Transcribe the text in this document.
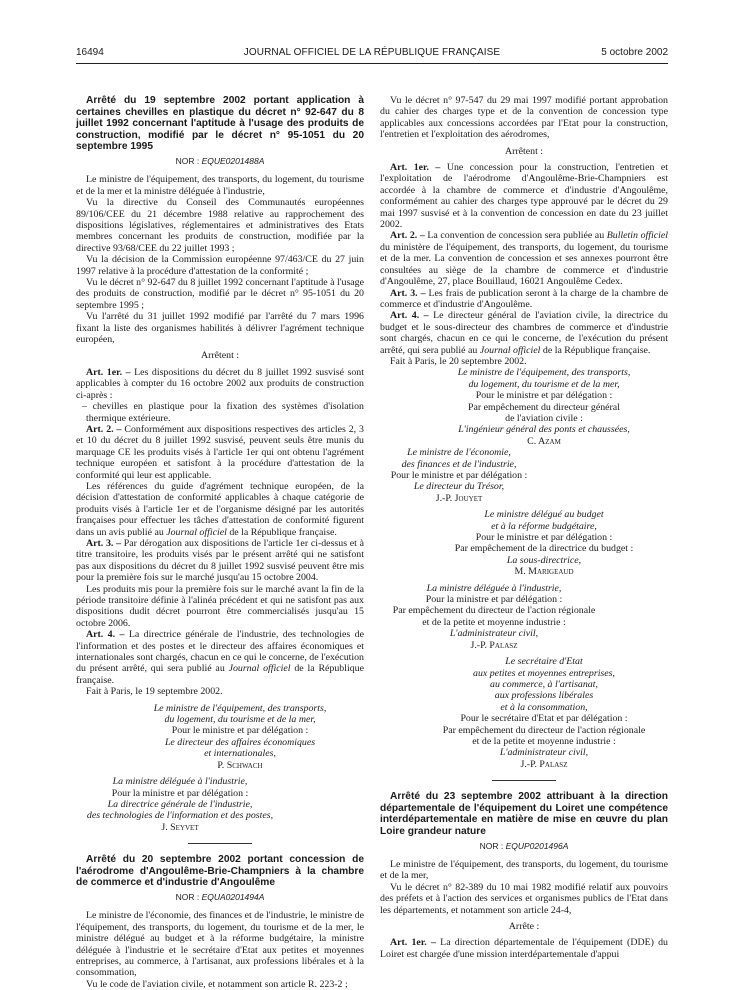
16494	JOURNAL OFFICIEL DE LA RÉPUBLIQUE FRANÇAISE	5 octobre 2002

Arrêté du 19 septembre 2002 portant application à certaines chevilles en plastique du décret n° 92-647 du 8 juillet 1992 concernant l'aptitude à l'usage des produits de construction, modifié par le décret n° 95-1051 du 20 septembre 1995

NOR : EQUE0201488A

Le ministre de l'équipement, des transports, du logement, du tourisme et de la mer et la ministre déléguée à l'industrie,

Vu la directive du Conseil des Communautés européennes 89/106/CEE du 21 décembre 1988 relative au rapprochement des dispositions législatives, réglementaires et administratives des Etats membres concernant les produits de construction, modifiée par la directive 93/68/CEE du 22 juillet 1993 ;

Vu la décision de la Commission européenne 97/463/CE du 27 juin 1997 relative à la procédure d'attestation de la conformité ;

Vu le décret n° 92-647 du 8 juillet 1992 concernant l'aptitude à l'usage des produits de construction, modifié par le décret n° 95-1051 du 20 septembre 1995 ;

Vu l'arrêté du 31 juillet 1992 modifié par l'arrêté du 7 mars 1996 fixant la liste des organismes habilités à délivrer l'agrément technique européen,

Arrêtent :

Art. 1er. – Les dispositions du décret du 8 juillet 1992 susvisé sont applicables à compter du 16 octobre 2002 aux produits de construction ci-après :

– chevilles en plastique pour la fixation des systèmes d'isolation thermique extérieure.

Art. 2. – Conformément aux dispositions respectives des articles 2, 3 et 10 du décret du 8 juillet 1992 susvisé, peuvent seuls être munis du marquage CE les produits visés à l'article 1er qui ont obtenu l'agrément technique européen et satisfont à la procédure d'attestation de la conformité qui leur est applicable.

Les références du guide d'agrément technique européen, de la décision d'attestation de conformité applicables à chaque catégorie de produits visés à l'article 1er et de l'organisme désigné par les autorités françaises pour effectuer les tâches d'attestation de conformité figurent dans un avis publié au Journal officiel de la République française.

Art. 3. – Par dérogation aux dispositions de l'article 1er ci-dessus et à titre transitoire, les produits visés par le présent arrêté qui ne satisfont pas aux dispositions du décret du 8 juillet 1992 susvisé peuvent être mis pour la première fois sur le marché jusqu'au 15 octobre 2004.

Les produits mis pour la première fois sur le marché avant la fin de la période transitoire définie à l'alinéa précédent et qui ne satisfont pas aux dispositions dudit décret pourront être commercialisés jusqu'au 15 octobre 2006.

Art. 4. – La directrice générale de l'industrie, des technologies de l'information et des postes et le directeur des affaires économiques et internationales sont chargés, chacun en ce qui le concerne, de l'exécution du présent arrêté, qui sera publié au Journal officiel de la République française.

Fait à Paris, le 19 septembre 2002.

Le ministre de l'équipement, des transports,

du logement, du tourisme et de la mer,

Pour le ministre et par délégation :

Le directeur des affaires économiques

et internationales,

P. Schwach

La ministre déléguée à l'industrie,

Pour la ministre et par délégation :

La directrice générale de l'industrie,

des technologies de l'information et des postes,

J. Seyvet

Arrêté du 20 septembre 2002 portant concession de l'aérodrome d'Angoulême-Brie-Champniers à la chambre de commerce et d'industrie d'Angoulême

NOR : EQUA0201494A

Le ministre de l'économie, des finances et de l'industrie, le ministre de l'équipement, des transports, du logement, du tourisme et de la mer, le ministre délégué au budget et à la réforme budgétaire, la ministre déléguée à l'industrie et le secrétaire d'Etat aux petites et moyennes entreprises, au commerce, à l'artisanat, aux professions libérales et à la consommation,

Vu le code de l'aviation civile, et notamment son article R. 223-2 ;

Vu le décret n° 97-547 du 29 mai 1997 modifié portant approbation du cahier des charges type et de la convention de concession type applicables aux concessions accordées par l'Etat pour la construction, l'entretien et l'exploitation des aérodromes,

Arrêtent :

Art. 1er. – Une concession pour la construction, l'entretien et l'exploitation de l'aérodrome d'Angoulême-Brie-Champniers est accordée à la chambre de commerce et d'industrie d'Angoulême, conformément au cahier des charges type approuvé par le décret du 29 mai 1997 susvisé et à la convention de concession en date du 23 juillet 2002.

Art. 2. – La convention de concession sera publiée au Bulletin officiel du ministère de l'équipement, des transports, du logement, du tourisme et de la mer. La convention de concession et ses annexes pourront être consultées au siège de la chambre de commerce et d'industrie d'Angoulême, 27, place Bouillaud, 16021 Angoulême Cedex.

Art. 3. – Les frais de publication seront à la charge de la chambre de commerce et d'industrie d'Angoulême.

Art. 4. – Le directeur général de l'aviation civile, la directrice du budget et le sous-directeur des chambres de commerce et d'industrie sont chargés, chacun en ce qui le concerne, de l'exécution du présent arrêté, qui sera publié au Journal officiel de la République française.

Fait à Paris, le 20 septembre 2002.

Le ministre de l'équipement, des transports,

du logement, du tourisme et de la mer,

Pour le ministre et par délégation :

Par empêchement du directeur général

de l'aviation civile :

L'ingénieur général des ponts et chaussées,

C. Azam

Le ministre de l'économie,

des finances et de l'industrie,

Pour le ministre et par délégation :

Le directeur du Trésor,

J.-P. Jouyet

Le ministre délégué au budget

et à la réforme budgétaire,

Pour le ministre et par délégation :

Par empêchement de la directrice du budget :

La sous-directrice,

M. Marigeaud

La ministre déléguée à l'industrie,

Pour la ministre et par délégation :

Par empêchement du directeur de l'action régionale

et de la petite et moyenne industrie :

L'administrateur civil,

J.-P. Palasz

Le secrétaire d'Etat

aux petites et moyennes entreprises,

au commerce, à l'artisanat,

aux professions libérales

et à la consommation,

Pour le secrétaire d'Etat et par délégation :

Par empêchement du directeur de l'action régionale

et de la petite et moyenne industrie :

L'administrateur civil,

J.-P. Palasz

Arrêté du 23 septembre 2002 attribuant à la direction départementale de l'équipement du Loiret une compétence interdépartementale en matière de mise en œuvre du plan Loire grandeur nature

NOR : EQUP0201496A

Le ministre de l'équipement, des transports, du logement, du tourisme et de la mer,

Vu le décret n° 82-389 du 10 mai 1982 modifié relatif aux pouvoirs des préfets et à l'action des services et organismes publics de l'Etat dans les départements, et notamment son article 24-4,

Arrête :

Art. 1er. – La direction départementale de l'équipement (DDE) du Loiret est chargée d'une mission interdépartementale d'appui
